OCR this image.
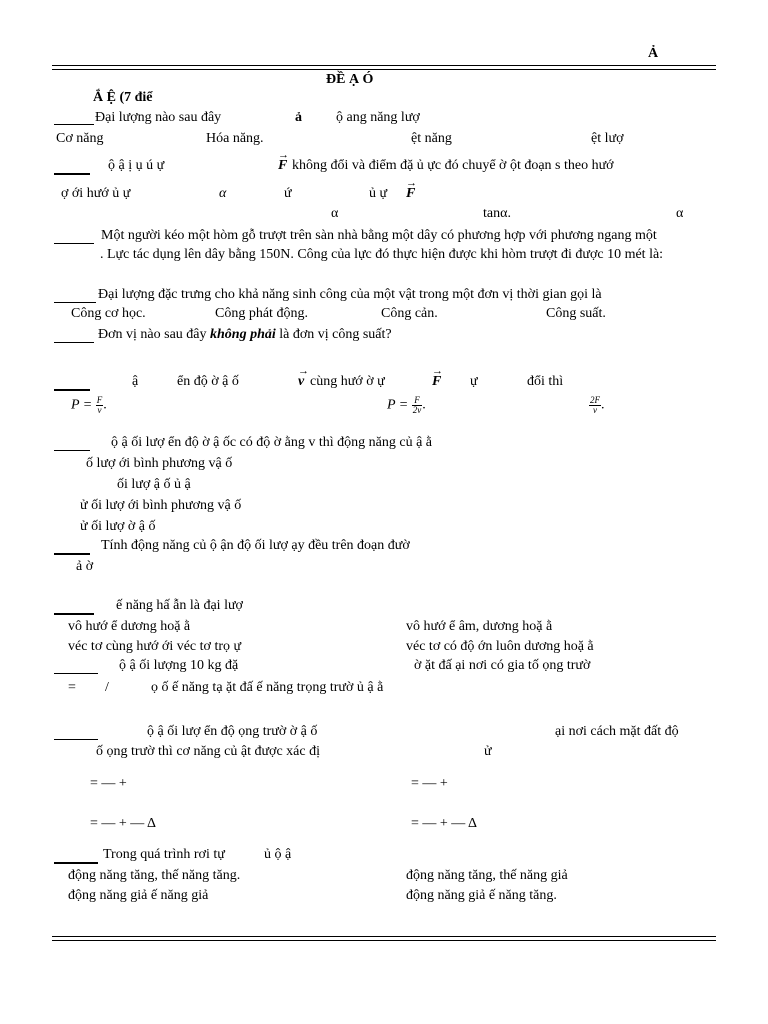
Ả
ĐỀ Ạ Ó
Ắ Ệ (7 điể
Đại lượng nào sau đây	ả ộ ang năng lượ
Cơ năng	Hóa năng.	ệt năng	ệt lượ
ộ ậ ị ụ ú ự	→ F không đổi và điểm đặ ủ ực đó chuyể ờ ột đoạn s theo hướ
ợ ới hướ ủ ự	α	ứ	ủ ự → F
α	tanα.	α
Một người kéo một hòm gỗ trượt trên sàn nhà bằng một dây có phương hợp với phương ngang một
. Lực tác dụng lên dây bằng 150N. Công của lực đó thực hiện được khi hòm trượt đi được 10 mét là:
Đại lượng đặc trưng cho khả năng sinh công của một vật trong một đơn vị thời gian gọi là
Công cơ học.	Công phát động.	Công cản.	Công suất.
Đơn vị nào sau đây không phải là đơn vị công suất?
ậ	ển độ ờ ậ ố	→ v cùng hướ ờ ự	→ F ự	đổi thì
$P = \frac{F}{v}$ .	$P = \frac{F}{2v}$ .	$\frac{2F}{v}$ .
ộ ậ ối lượ ển độ ờ ậ ốc có độ ờ ằng v thì động năng củ ậ ằ
ố lượ ới bình phương vậ ố
ối lượ ậ ố ủ ậ
ử ối lượ ới bình phương vậ ố
ử ối lượ ờ ậ ố
Tính động năng củ ộ ận độ ối lượ ạy đều trên đoạn đườ
ả ờ
ế năng hấ ẫn là đại lượ
vô hướ ể dương hoặ ằ	vô hướ ể âm, dương hoặ ằ
véc tơ cùng hướ ới véc tơ trọ ự	véc tơ có độ ớn luôn dương hoặ ằ
ộ ậ ối lượng 10 kg đặ	ờ ặt đấ ại nơi có gia tố ọng trườ
= /	ọ ố ế năng tạ ặt đấ ế năng trọng trườ ủ ậ ằ
ộ ậ ối lượ ển độ ọng trườ ờ ậ ố	ại nơi cách mặt đất độ
ố ọng trườ thì cơ năng củ ật được xác đị	ử
= — +	= — +
= — + — Δ	= — + — Δ
Trong quá trình rơi tự	ủ ộ ậ
động năng tăng, thế năng tăng.	động năng tăng, thế năng giả
động năng giả ế năng giả	động năng giả ế năng tăng.
